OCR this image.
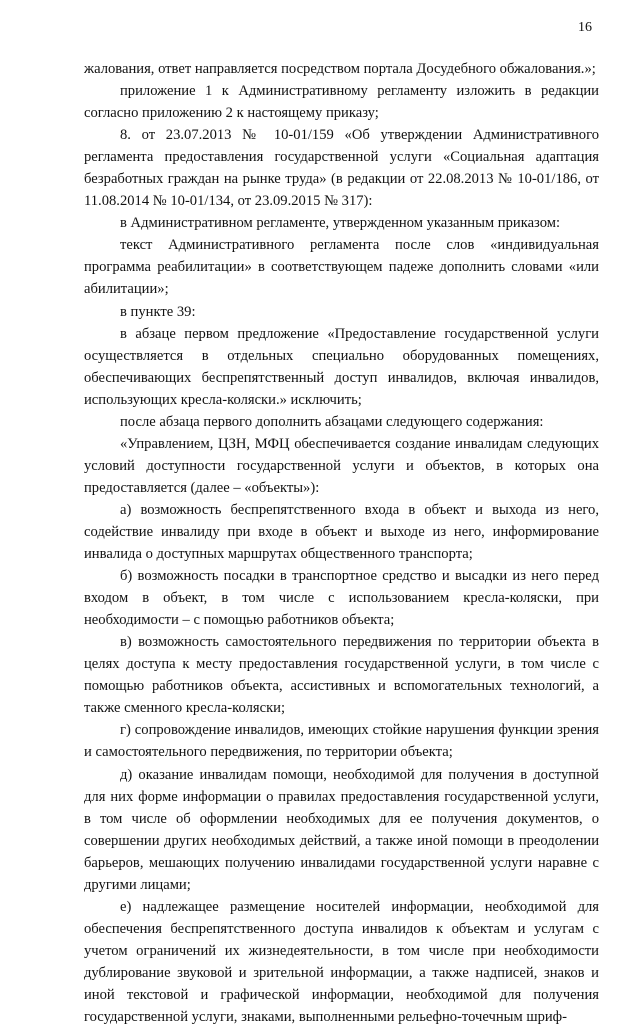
16

жалования, ответ направляется посредством портала Досудебного обжалования.»;

приложение 1 к Административному регламенту изложить в редакции согласно приложению 2 к настоящему приказу;

8. от 23.07.2013 № 10-01/159 «Об утверждении Административного регламента предоставления государственной услуги «Социальная адаптация безработных граждан на рынке труда» (в редакции от 22.08.2013 № 10-01/186, от 11.08.2014 № 10-01/134, от 23.09.2015 № 317):

в Административном регламенте, утвержденном указанным приказом:

текст Административного регламента после слов «индивидуальная программа реабилитации» в соответствующем падеже дополнить словами «или абилитации»;

в пункте 39:

в абзаце первом предложение «Предоставление государственной услуги осуществляется в отдельных специально оборудованных помещениях, обеспечивающих беспрепятственный доступ инвалидов, включая инвалидов, использующих кресла-коляски.» исключить;

после абзаца первого дополнить абзацами следующего содержания:

«Управлением, ЦЗН, МФЦ обеспечивается создание инвалидам следующих условий доступности государственной услуги и объектов, в которых она предоставляется (далее – «объекты»):

а) возможность беспрепятственного входа в объект и выхода из него, содействие инвалиду при входе в объект и выходе из него, информирование инвалида о доступных маршрутах общественного транспорта;

б) возможность посадки в транспортное средство и высадки из него перед входом в объект, в том числе с использованием кресла-коляски, при необходимости – с помощью работников объекта;

в) возможность самостоятельного передвижения по территории объекта в целях доступа к месту предоставления государственной услуги, в том числе с помощью работников объекта, ассистивных и вспомогательных технологий, а также сменного кресла-коляски;

г) сопровождение инвалидов, имеющих стойкие нарушения функции зрения и самостоятельного передвижения, по территории объекта;

д) оказание инвалидам помощи, необходимой для получения в доступной для них форме информации о правилах предоставления государственной услуги, в том числе об оформлении необходимых для ее получения документов, о совершении других необходимых действий, а также иной помощи в преодолении барьеров, мешающих получению инвалидами государственной услуги наравне с другими лицами;

е) надлежащее размещение носителей информации, необходимой для обеспечения беспрепятственного доступа инвалидов к объектам и услугам с учетом ограничений их жизнедеятельности, в том числе при необходимости дублирование звуковой и зрительной информации, а также надписей, знаков и иной текстовой и графической информации, необходимой для получения государственной услуги, знаками, выполненными рельефно-точечным шриф-
